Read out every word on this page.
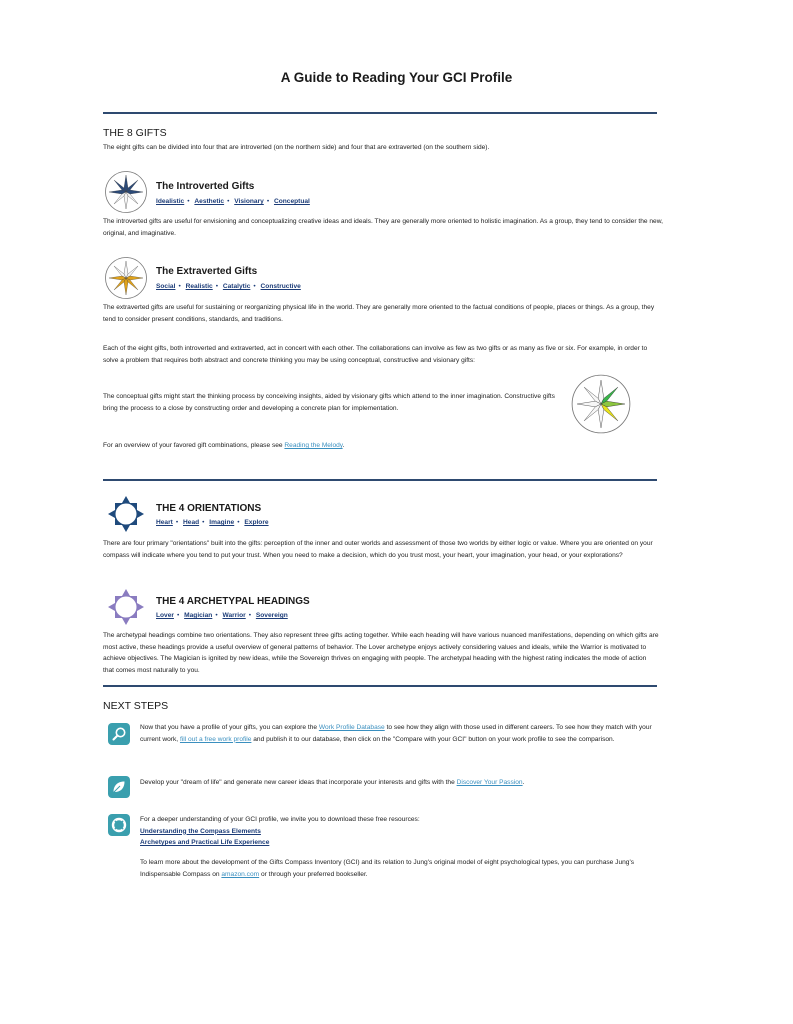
A Guide to Reading Your GCI Profile
THE 8 GIFTS

The eight gifts can be divided into four that are introverted (on the northern side) and four that are extraverted (on the southern side).

The Introverted Gifts
Idealistic • Aesthetic • Visionary • Conceptual

The introverted gifts are useful for envisioning and conceptualizing creative ideas and ideals. They are generally more oriented to holistic imagination. As a group, they tend to consider the new, original, and imaginative.

The Extraverted Gifts
Social • Realistic • Catalytic • Constructive

The extraverted gifts are useful for sustaining or reorganizing physical life in the world. They are generally more oriented to the factual conditions of people, places or things. As a group, they tend to consider present conditions, standards, and traditions.

Each of the eight gifts, both introverted and extraverted, act in concert with each other. The collaborations can involve as few as two gifts or as many as five or six. For example, in order to solve a problem that requires both abstract and concrete thinking you may be using conceptual, constructive and visionary gifts:

The conceptual gifts might start the thinking process by conceiving insights, aided by visionary gifts which attend to the inner imagination. Constructive gifts bring the process to a close by constructing order and developing a concrete plan for implementation.

For an overview of your favored gift combinations, please see Reading the Melody.

THE 4 ORIENTATIONS
Heart • Head • Imagine • Explore

There are four primary "orientations" built into the gifts: perception of the inner and outer worlds and assessment of those two worlds by either logic or value. Where you are oriented on your compass will indicate where you tend to put your trust. When you need to make a decision, which do you trust most, your heart, your imagination, your head, or your explorations?

THE 4 ARCHETYPAL HEADINGS
Lover • Magician • Warrior • Sovereign

The archetypal headings combine two orientations. They also represent three gifts acting together. While each heading will have various nuanced manifestations, depending on which gifts are most active, these headings provide a useful overview of general patterns of behavior. The Lover archetype enjoys actively considering values and ideals, while the Warrior is motivated to achieve objectives. The Magician is ignited by new ideas, while the Sovereign thrives on engaging with people. The archetypal heading with the highest rating indicates the mode of action that comes most naturally to you.

NEXT STEPS

Now that you have a profile of your gifts, you can explore the Work Profile Database to see how they align with those used in different careers. To see how they match with your current work, fill out a free work profile and publish it to our database, then click on the "Compare with your GCI" button on your work profile to see the comparison.

Develop your "dream of life" and generate new career ideas that incorporate your interests and gifts with the Discover Your Passion.

For a deeper understanding of your GCI profile, we invite you to download these free resources:
Understanding the Compass Elements
Archetypes and Practical Life Experience

To learn more about the development of the Gifts Compass Inventory (GCI) and its relation to Jung's original model of eight psychological types, you can purchase Jung's Indispensable Compass on amazon.com or through your preferred bookseller.
